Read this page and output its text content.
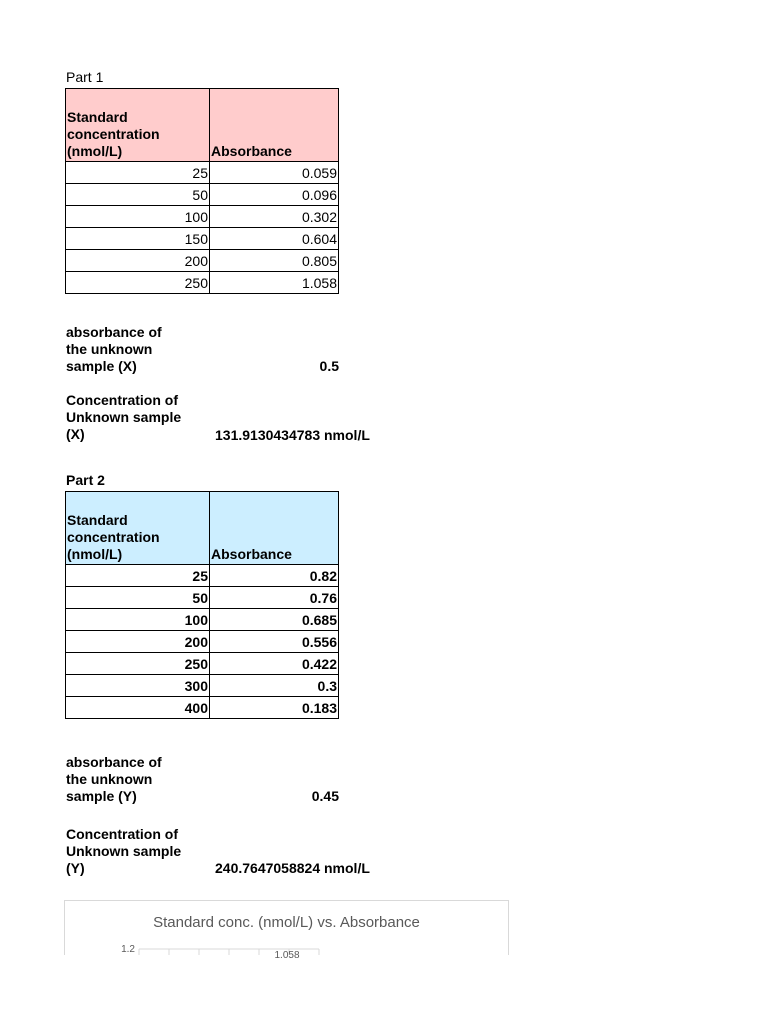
Part 1
Standard
concentration
(nmol/L)	Absorbance
25	0.059
50	0.096
100	0.302
150	0.604
200	0.805
250	1.058
absorbance of
the unknown
sample (X)	0.5
Concentration of
Unknown sample
(X)	131.9130434783 nmol/L
Part 2
Standard
concentration
(nmol/L)	Absorbance
25	0.82
50	0.76
100	0.685
200	0.556
250	0.422
300	0.3
400	0.183
absorbance of
the unknown
sample (Y)	0.45
Concentration of
Unknown sample
(Y)	240.7647058824 nmol/L
Standard conc. (nmol/L) vs. Absorbance
1.2
1.058
